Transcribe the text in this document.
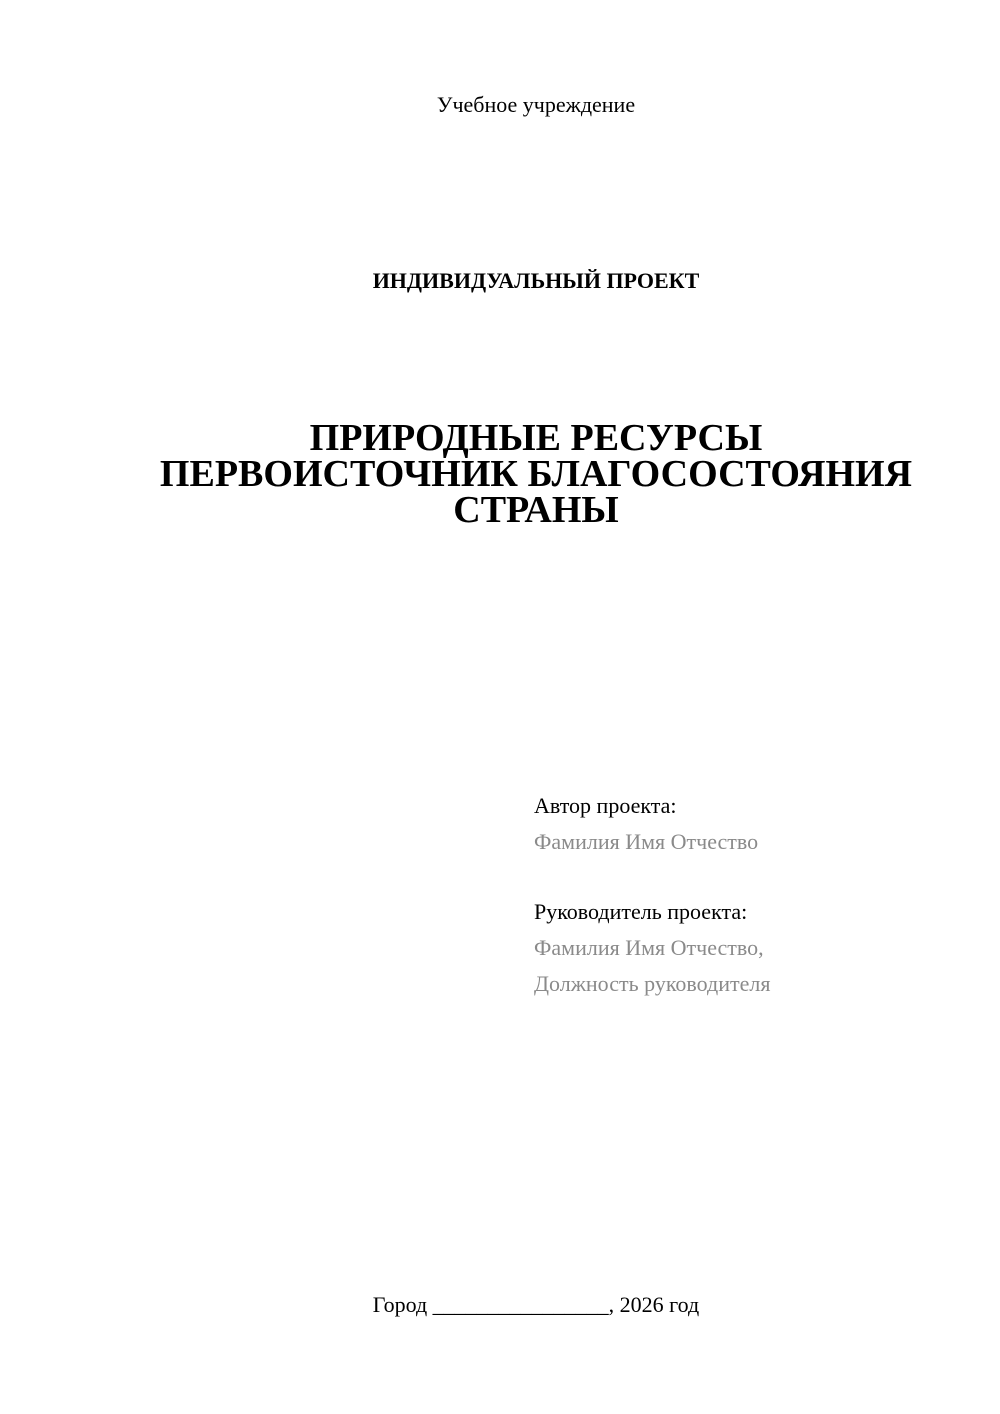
Учебное учреждение

ИНДИВИДУАЛЬНЫЙ ПРОЕКТ

ПРИРОДНЫЕ РЕСУРСЫ
ПЕРВОИСТОЧНИК БЛАГОСОСТОЯНИЯ
СТРАНЫ
Автор проекта:
Фамилия Имя Отчество
Руководитель проекта:
Фамилия Имя Отчество,
Должность руководителя

Город ________________, 2026 год
